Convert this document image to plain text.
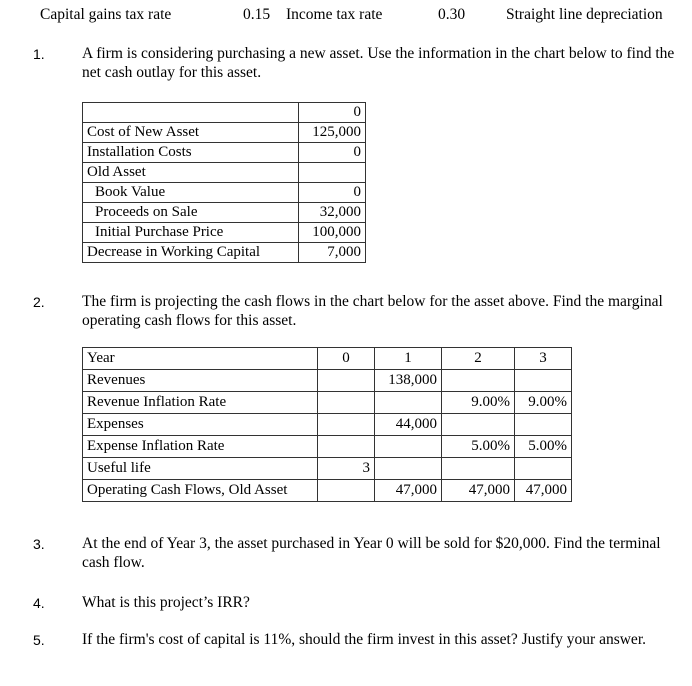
Capital gains tax rate	0.15 Income tax rate	0.30	Straight line depreciation
1. A firm is considering purchasing a new asset. Use the information in the chart below to find the net cash outlay for this asset.
	0
Cost of New Asset	125,000
Installation Costs	0
Old Asset	
Book Value	0
Proceeds on Sale	32,000
Initial Purchase Price	100,000
Decrease in Working Capital	7,000
2. The firm is projecting the cash flows in the chart below for the asset above. Find the marginal operating cash flows for this asset.
Year	0	1	2	3
Revenues		138,000		
Revenue Inflation Rate			9.00%	9.00%
Expenses		44,000		
Expense Inflation Rate			5.00%	5.00%
Useful life	3			
Operating Cash Flows, Old Asset		47,000	47,000	47,000
3. At the end of Year 3, the asset purchased in Year 0 will be sold for $20,000. Find the terminal cash flow.
4. What is this project’s IRR?
5. If the firm's cost of capital is 11%, should the firm invest in this asset? Justify your answer.
